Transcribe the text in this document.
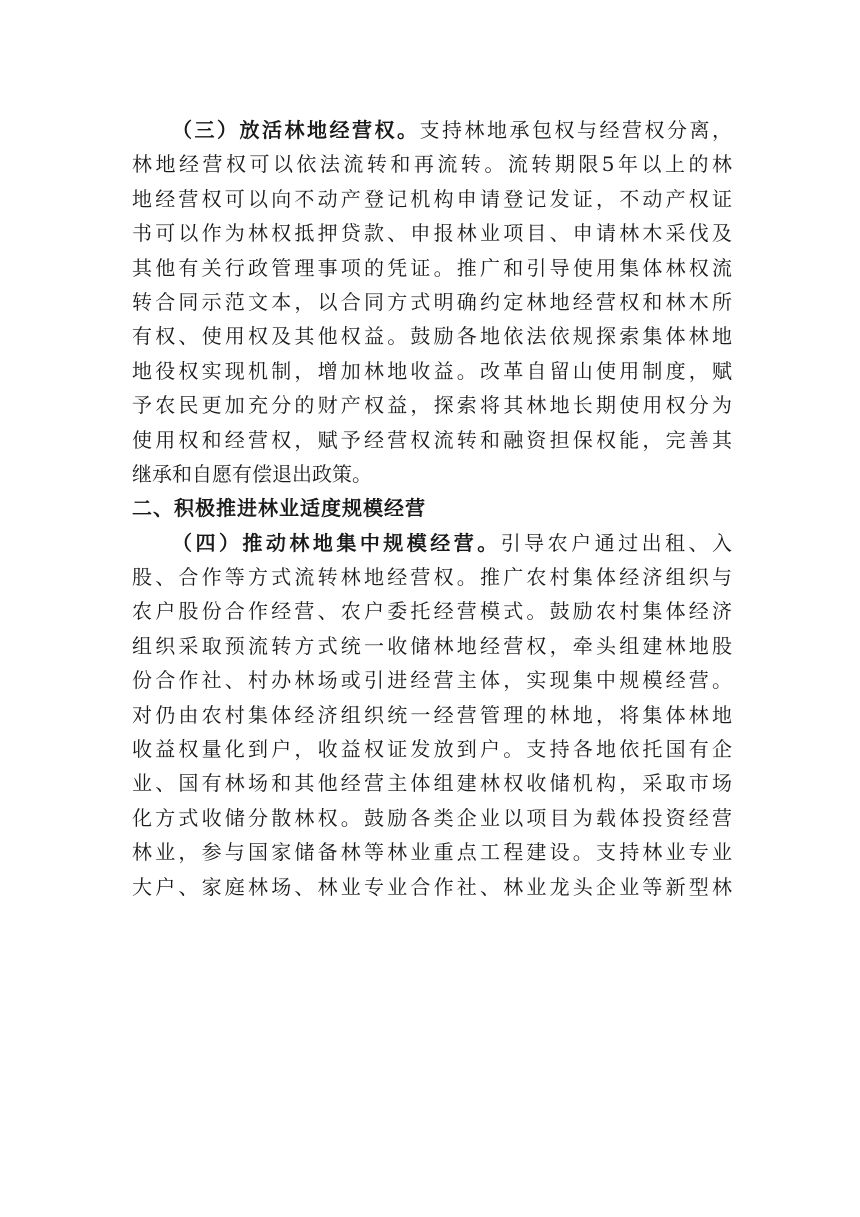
（三）放活林地经营权。支持林地承包权与经营权分离，
林地经营权可以依法流转和再流转。流转期限5年以上的林
地经营权可以向不动产登记机构申请登记发证，不动产权证
书可以作为林权抵押贷款、申报林业项目、申请林木采伐及
其他有关行政管理事项的凭证。推广和引导使用集体林权流
转合同示范文本，以合同方式明确约定林地经营权和林木所
有权、使用权及其他权益。鼓励各地依法依规探索集体林地
地役权实现机制，增加林地收益。改革自留山使用制度，赋
予农民更加充分的财产权益，探索将其林地长期使用权分为
使用权和经营权，赋予经营权流转和融资担保权能，完善其
继承和自愿有偿退出政策。
二、积极推进林业适度规模经营
（四）推动林地集中规模经营。引导农户通过出租、入
股、合作等方式流转林地经营权。推广农村集体经济组织与
农户股份合作经营、农户委托经营模式。鼓励农村集体经济
组织采取预流转方式统一收储林地经营权，牵头组建林地股
份合作社、村办林场或引进经营主体，实现集中规模经营。
对仍由农村集体经济组织统一经营管理的林地，将集体林地
收益权量化到户，收益权证发放到户。支持各地依托国有企
业、国有林场和其他经营主体组建林权收储机构，采取市场
化方式收储分散林权。鼓励各类企业以项目为载体投资经营
林业，参与国家储备林等林业重点工程建设。支持林业专业
大户、家庭林场、林业专业合作社、林业龙头企业等新型林
